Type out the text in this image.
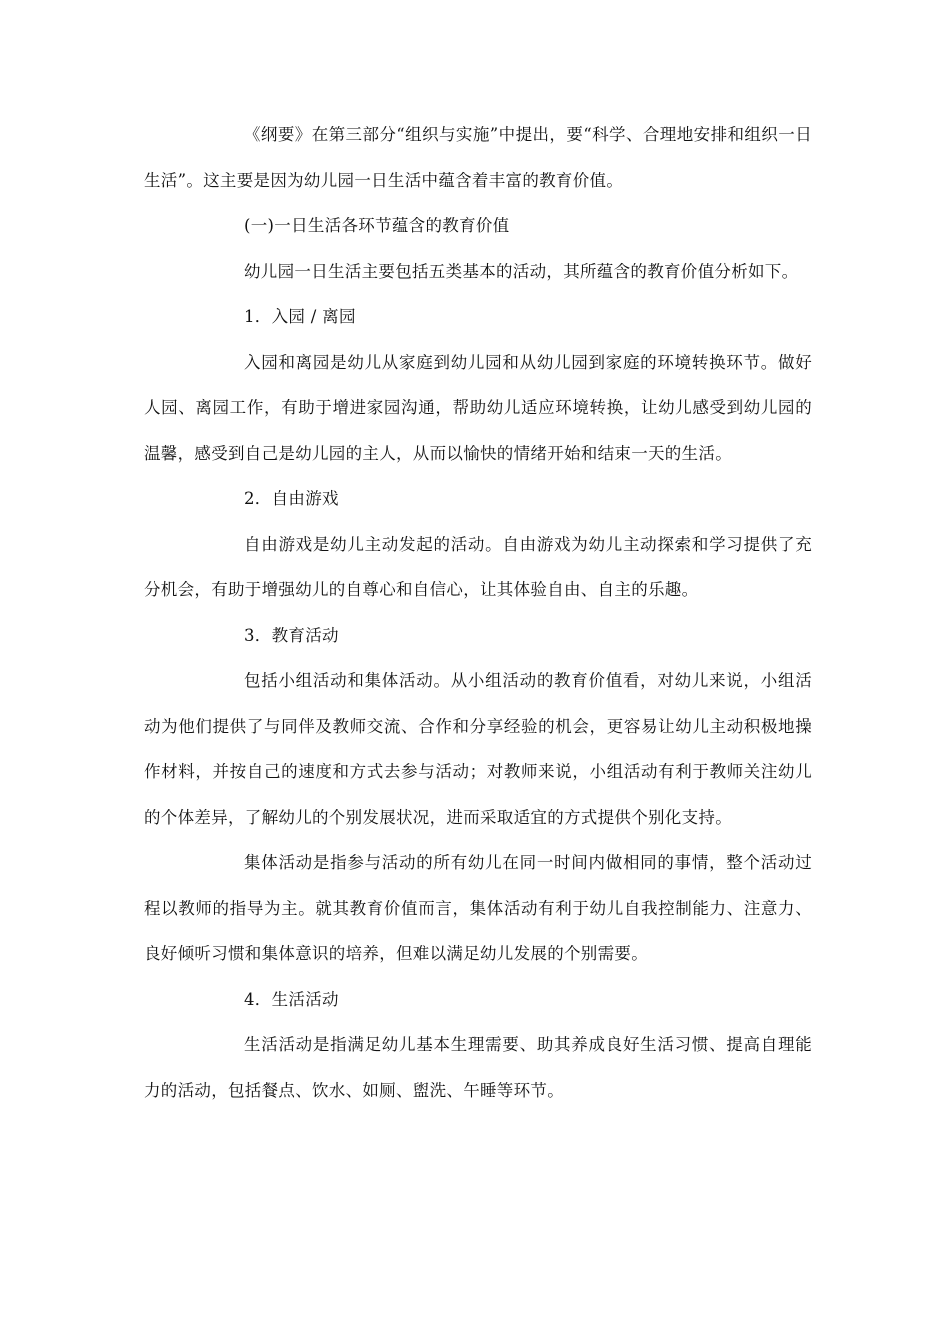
《纲要》在第三部分“组织与实施”中提出，要“科学、合理地安排和组织一日生活”。这主要是因为幼儿园一日生活中蕴含着丰富的教育价值。

(一)一日生活各环节蕴含的教育价值

幼儿园一日生活主要包括五类基本的活动，其所蕴含的教育价值分析如下。

1．入园 / 离园

入园和离园是幼儿从家庭到幼儿园和从幼儿园到家庭的环境转换环节。做好人园、离园工作，有助于增进家园沟通，帮助幼儿适应环境转换，让幼儿感受到幼儿园的温馨，感受到自己是幼儿园的主人，从而以愉快的情绪开始和结束一天的生活。

2．自由游戏

自由游戏是幼儿主动发起的活动。自由游戏为幼儿主动探索和学习提供了充分机会，有助于增强幼儿的自尊心和自信心，让其体验自由、自主的乐趣。

3．教育活动

包括小组活动和集体活动。从小组活动的教育价值看，对幼儿来说，小组活动为他们提供了与同伴及教师交流、合作和分享经验的机会，更容易让幼儿主动积极地操作材料，并按自己的速度和方式去参与活动；对教师来说，小组活动有利于教师关注幼儿的个体差异，了解幼儿的个别发展状况，进而采取适宜的方式提供个别化支持。

集体活动是指参与活动的所有幼儿在同一时间内做相同的事情，整个活动过程以教师的指导为主。就其教育价值而言，集体活动有利于幼儿自我控制能力、注意力、良好倾听习惯和集体意识的培养，但难以满足幼儿发展的个别需要。

4．生活活动

生活活动是指满足幼儿基本生理需要、助其养成良好生活习惯、提高自理能力的活动，包括餐点、饮水、如厕、盥洗、午睡等环节。
